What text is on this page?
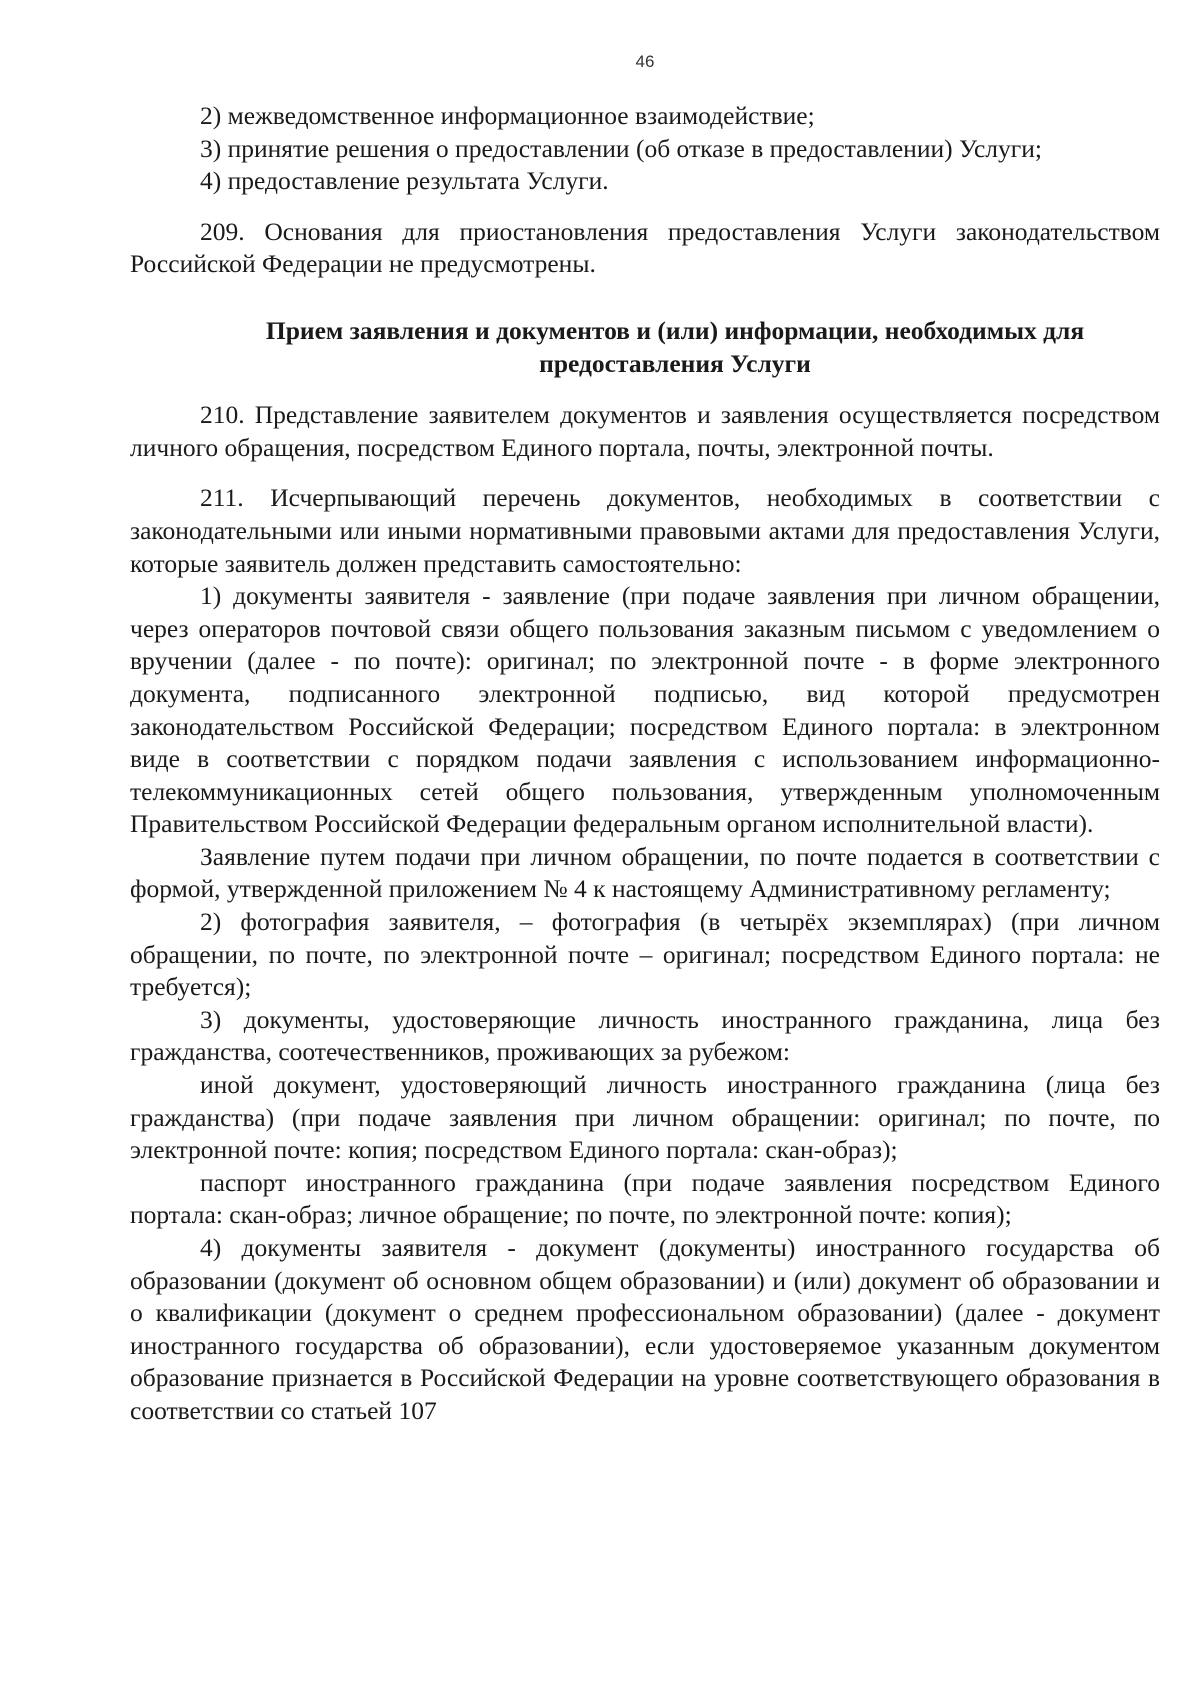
46

2) межведомственное информационное взаимодействие;

3) принятие решения о предоставлении (об отказе в предоставлении) Услуги;

4) предоставление результата Услуги.

209. Основания для приостановления предоставления Услуги законодательством Российской Федерации не предусмотрены.

Прием заявления и документов и (или) информации, необходимых для предоставления Услуги

210. Представление заявителем документов и заявления осуществляется посредством личного обращения, посредством Единого портала, почты, электронной почты.

211. Исчерпывающий перечень документов, необходимых в соответствии с законодательными или иными нормативными правовыми актами для предоставления Услуги, которые заявитель должен представить самостоятельно:

1) документы заявителя - заявление (при подаче заявления при личном обращении, через операторов почтовой связи общего пользования заказным письмом с уведомлением о вручении (далее - по почте): оригинал; по электронной почте - в форме электронного документа, подписанного электронной подписью, вид которой предусмотрен законодательством Российской Федерации; посредством Единого портала: в электронном виде в соответствии с порядком подачи заявления с использованием информационно-телекоммуникационных сетей общего пользования, утвержденным уполномоченным Правительством Российской Федерации федеральным органом исполнительной власти).

Заявление путем подачи при личном обращении, по почте подается в соответствии с формой, утвержденной приложением № 4 к настоящему Административному регламенту;

2) фотография заявителя, – фотография (в четырёх экземплярах) (при личном обращении, по почте, по электронной почте – оригинал; посредством Единого портала: не требуется);

3) документы, удостоверяющие личность иностранного гражданина, лица без гражданства, соотечественников, проживающих за рубежом:

иной документ, удостоверяющий личность иностранного гражданина (лица без гражданства) (при подаче заявления при личном обращении: оригинал; по почте, по электронной почте: копия; посредством Единого портала: скан-образ);

паспорт иностранного гражданина (при подаче заявления посредством Единого портала: скан-образ; личное обращение; по почте, по электронной почте: копия);

4) документы заявителя - документ (документы) иностранного государства об образовании (документ об основном общем образовании) и (или) документ об образовании и о квалификации (документ о среднем профессиональном образовании) (далее - документ иностранного государства об образовании), если удостоверяемое указанным документом образование признается в Российской Федерации на уровне соответствующего образования в соответствии со статьей 107
